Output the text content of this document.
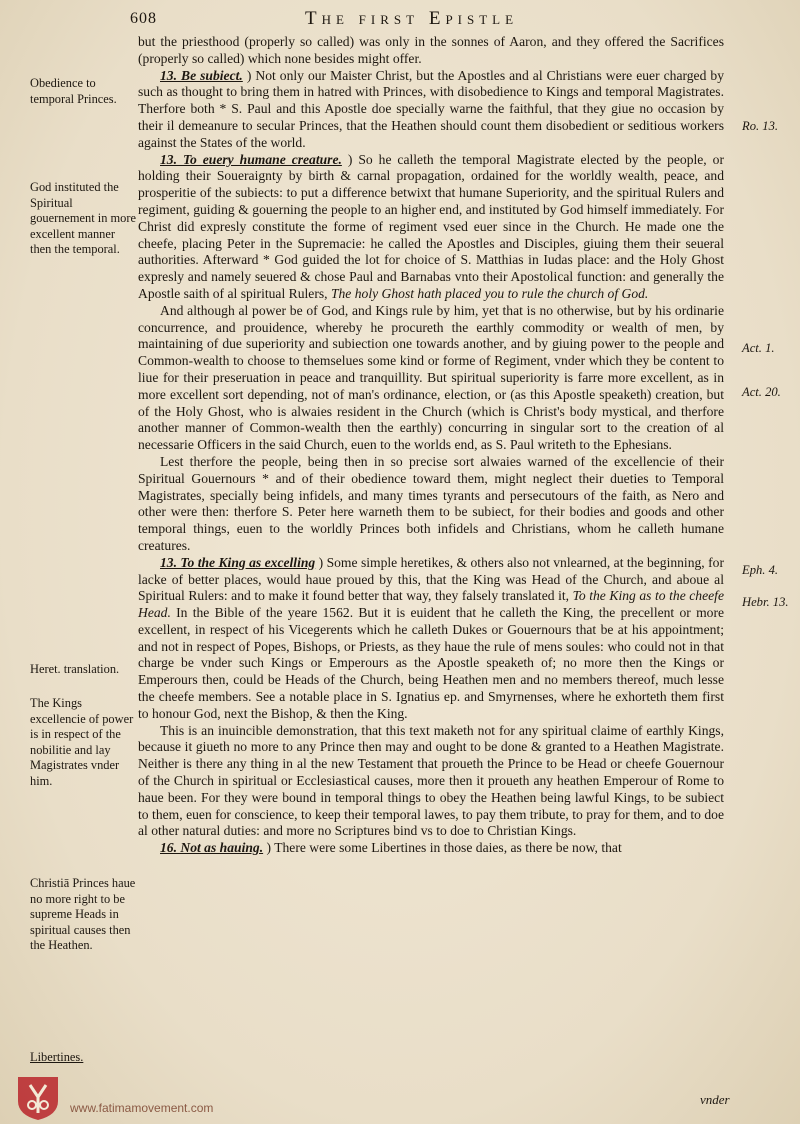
608	The first Epistle

but the priesthood (properly so called) was only in the sonnes of Aaron, and they offered the Sacrifices (properly so called) which none besides might offer.

13. Be subiect. ) Not only our Maister Christ, but the Apostles and al Christians were euer charged by such as thought to bring them in hatred with Princes, with disobedience to Kings and temporal Magistrates. Therfore both * S. Paul and this Apostle doe specially warne the faithful, that they giue no occasion by their il demeanure to secular Princes, that the Heathen should count them disobedient or seditious workers against the States of the world.

13. To euery humane creature. ) So he calleth the temporal Magistrate elected by the people, or holding their Soueraignty by birth & carnal propagation, ordained for the worldly wealth, peace, and prosperitie of the subiects: to put a difference betwixt that humane Superiority, and the spiritual Rulers and regiment, guiding & gouerning the people to an higher end, and instituted by God himself immediately. For Christ did expresly constitute the forme of regiment vsed euer since in the Church. He made one the cheefe, placing Peter in the Supremacie: he called the Apostles and Disciples, giuing them their seueral authorities. Afterward * God guided the lot for choice of S. Matthias in Iudas place: and the Holy Ghost expresly and namely seuered & chose Paul and Barnabas vnto their Apostolical function: and generally the Apostle saith of al spiritual Rulers, The holy Ghost hath placed you to rule the church of God.

And although al power be of God, and Kings rule by him, yet that is no otherwise, but by his ordinarie concurrence, and prouidence, whereby he procureth the earthly commodity or wealth of men, by maintaining of due superiority and subiection one towards another, and by giuing power to the people and Common-wealth to choose to themselues some kind or forme of Regiment, vnder which they be content to liue for their preseruation in peace and tranquillity. But spiritual superiority is farre more excellent, as in more excellent sort depending, not of man's ordinance, election, or (as this Apostle speaketh) creation, but of the Holy Ghost, who is alwaies resident in the Church (which is Christ's body mystical, and therfore another manner of Common-wealth then the earthly) concurring in singular sort to the creation of al necessarie Officers in the said Church, euen to the worlds end, as S. Paul writeth to the Ephesians.

Lest therfore the people, being then in so precise sort alwaies warned of the excellencie of their Spiritual Gouernours * and of their obedience toward them, might neglect their dueties to Temporal Magistrates, specially being infidels, and many times tyrants and persecutours of the faith, as Nero and other were then: therfore S. Peter here warneth them to be subiect, for their bodies and goods and other temporal things, euen to the worldly Princes both infidels and Christians, whom he calleth humane creatures.

13. To the King as excelling ) Some simple heretikes, & others also not vnlearned, at the beginning, for lacke of better places, would haue proued by this, that the King was Head of the Church, and aboue al Spiritual Rulers: and to make it found better that way, they falsely translated it, To the King as to the cheefe Head. In the Bible of the yeare 1562. But it is euident that he calleth the King, the precellent or more excellent, in respect of his Vicegerents which he calleth Dukes or Gouernours that be at his appointment; and not in respect of Popes, Bishops, or Priests, as they haue the rule of mens soules: who could not in that charge be vnder such Kings or Emperours as the Apostle speaketh of; no more then the Kings or Emperours then, could be Heads of the Church, being Heathen men and no members thereof, much lesse the cheefe members. See a notable place in S. Ignatius ep. and Smyrnenses, where he exhorteth them first to honour God, next the Bishop, & then the King.

This is an inuincible demonstration, that this text maketh not for any spiritual claime of earthly Kings, because it giueth no more to any Prince then may and ought to be done & granted to a Heathen Magistrate. Neither is there any thing in al the new Testament that proueth the Prince to be Head or cheefe Gouernour of the Church in spiritual or Ecclesiastical causes, more then it proueth any heathen Emperour of Rome to haue been. For they were bound in temporal things to obey the Heathen being lawful Kings, to be subiect to them, euen for conscience, to keep their temporal lawes, to pay them tribute, to pray for them, and to doe al other natural duties: and more no Scriptures bind vs to doe to Christian Kings.

16. Not as hauing. ) There were some Libertines in those daies, as there be now, that

Obedience to temporal Princes.
God instituted the Spiritual gouernement in more excellent manner then the temporal.
Heret. translation.
The Kings excellencie of power is in respect of the nobilitie and lay Magistrates vnder him.
Christiā Princes haue no more right to be supreme Heads in spiritual causes then the Heathen.
Libertines.
Ro. 13.
Act. 1.
Act. 20.
Eph. 4.
Hebr. 13.
vnder
www.fatimamovement.com
